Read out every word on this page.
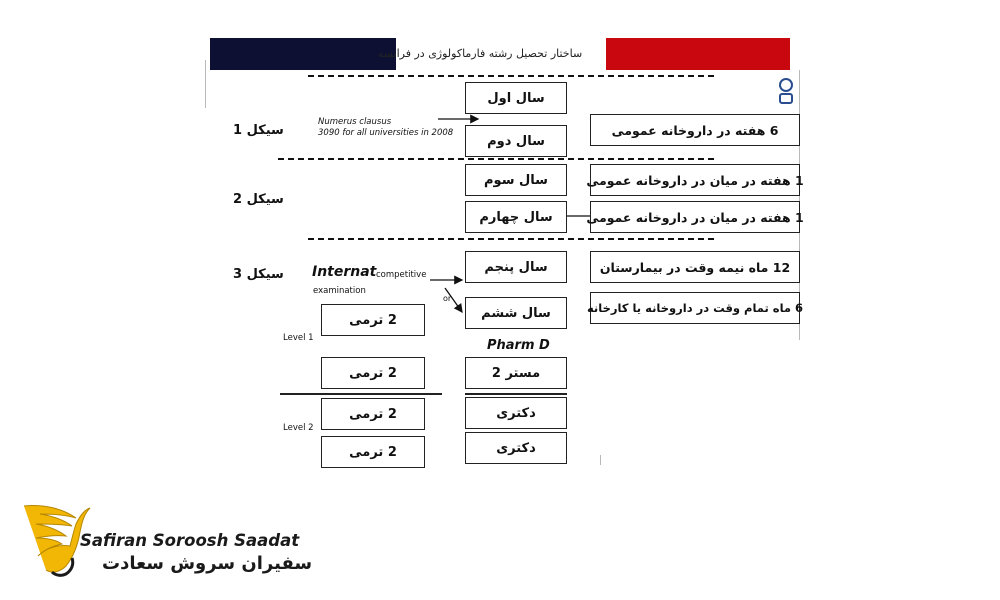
ساختار تحصیل رشته فارماکولوژی در فرانسه
سیکل 1
سیکل 2
سیکل 3
Numerus clausus
3090 for all universities in 2008
Internat competitive
examination
or
Level 1
Level 2
Pharm D
سال اول
سال دوم
سال سوم
سال چهارم
سال پنجم
سال ششم
مستر 2
دکتری
دکتری
6 هفته در داروخانه عمومی
1 هفته در میان در داروخانه عمومی
1 هفته در میان در داروخانه عمومی
12 ماه نیمه وقت در بیمارستان
6 ماه تمام وقت در داروخانه یا کارخانه
2 ترمی
2 ترمی
2 ترمی
2 ترمی
Safiran Soroosh Saadat
سفیران سروش سعادت
